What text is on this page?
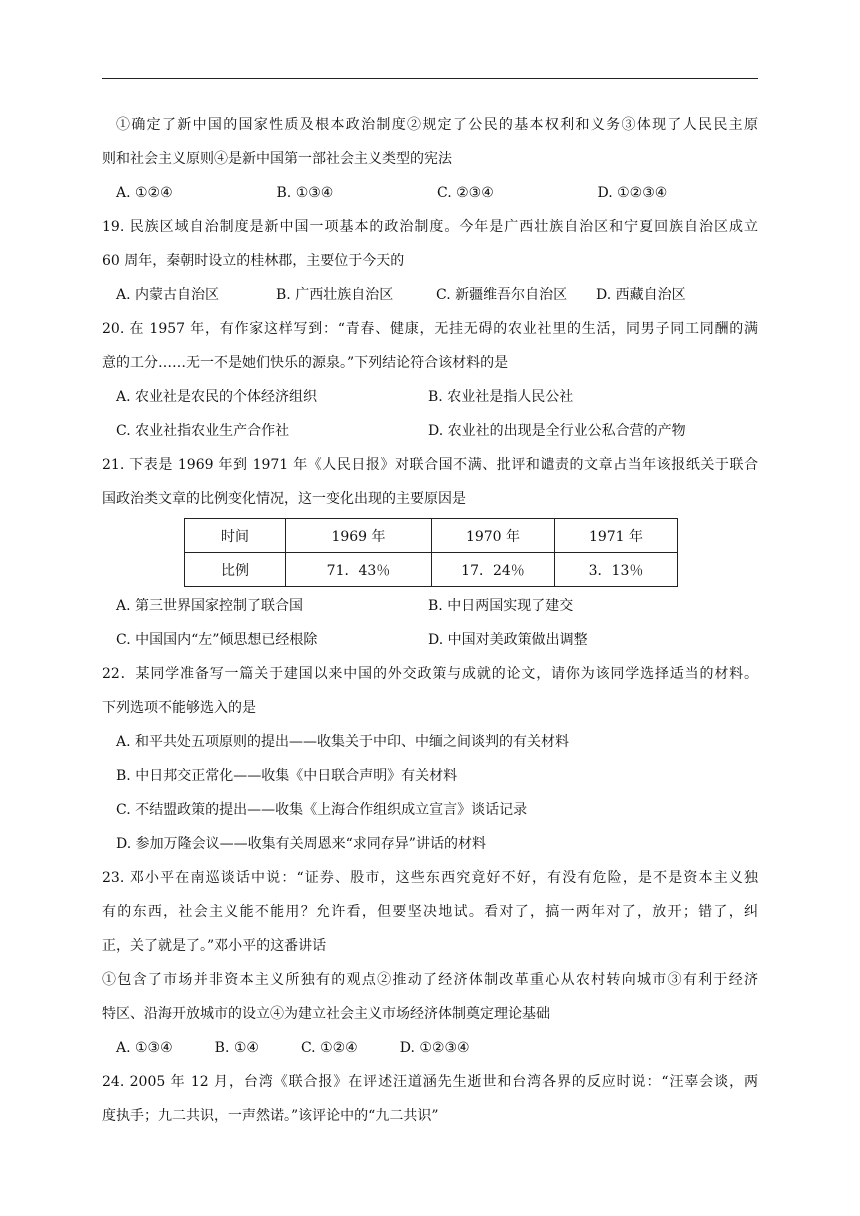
①确定了新中国的国家性质及根本政治制度②规定了公民的基本权利和义务③体现了人民民主原
则和社会主义原则④是新中国第一部社会主义类型的宪法
A. ①②④	B. ①③④	C. ②③④	D. ①②③④
19. 民族区域自治制度是新中国一项基本的政治制度。今年是广西壮族自治区和宁夏回族自治区成立
60 周年，秦朝时设立的桂林郡，主要位于今天的
A. 内蒙古自治区	B. 广西壮族自治区	C. 新疆维吾尔自治区	D. 西藏自治区
20. 在 1957 年，有作家这样写到：“青春、健康，无挂无碍的农业社里的生活，同男子同工同酬的满
意的工分……无一不是她们快乐的源泉。”下列结论符合该材料的是
A. 农业社是农民的个体经济组织	B. 农业社是指人民公社
C. 农业社指农业生产合作社	D. 农业社的出现是全行业公私合营的产物
21. 下表是 1969 年到 1971 年《人民日报》对联合国不满、批评和谴责的文章占当年该报纸关于联合
国政治类文章的比例变化情况，这一变化出现的主要原因是
时间	1969 年	1970 年	1971 年
比例	71．43％	17．24％	3．13％
A. 第三世界国家控制了联合国	B. 中日两国实现了建交
C. 中国国内“左”倾思想已经根除	D. 中国对美政策做出调整
22．某同学准备写一篇关于建国以来中国的外交政策与成就的论文，请你为该同学选择适当的材料。
下列选项不能够选入的是
A. 和平共处五项原则的提出——收集关于中印、中缅之间谈判的有关材料
B. 中日邦交正常化——收集《中日联合声明》有关材料
C. 不结盟政策的提出——收集《上海合作组织成立宣言》谈话记录
D. 参加万隆会议——收集有关周恩来“求同存异”讲话的材料
23. 邓小平在南巡谈话中说：“证券、股市，这些东西究竟好不好，有没有危险，是不是资本主义独
有的东西，社会主义能不能用？允许看，但要坚决地试。看对了，搞一两年对了，放开；错了，纠
正，关了就是了。”邓小平的这番讲话
①包含了市场并非资本主义所独有的观点②推动了经济体制改革重心从农村转向城市③有利于经济
特区、沿海开放城市的设立④为建立社会主义市场经济体制奠定理论基础
A. ①③④	B. ①④	C. ①②④	D. ①②③④
24. 2005 年 12 月，台湾《联合报》在评述汪道涵先生逝世和台湾各界的反应时说：“汪辜会谈，两
度执手；九二共识，一声然诺。”该评论中的“九二共识”
